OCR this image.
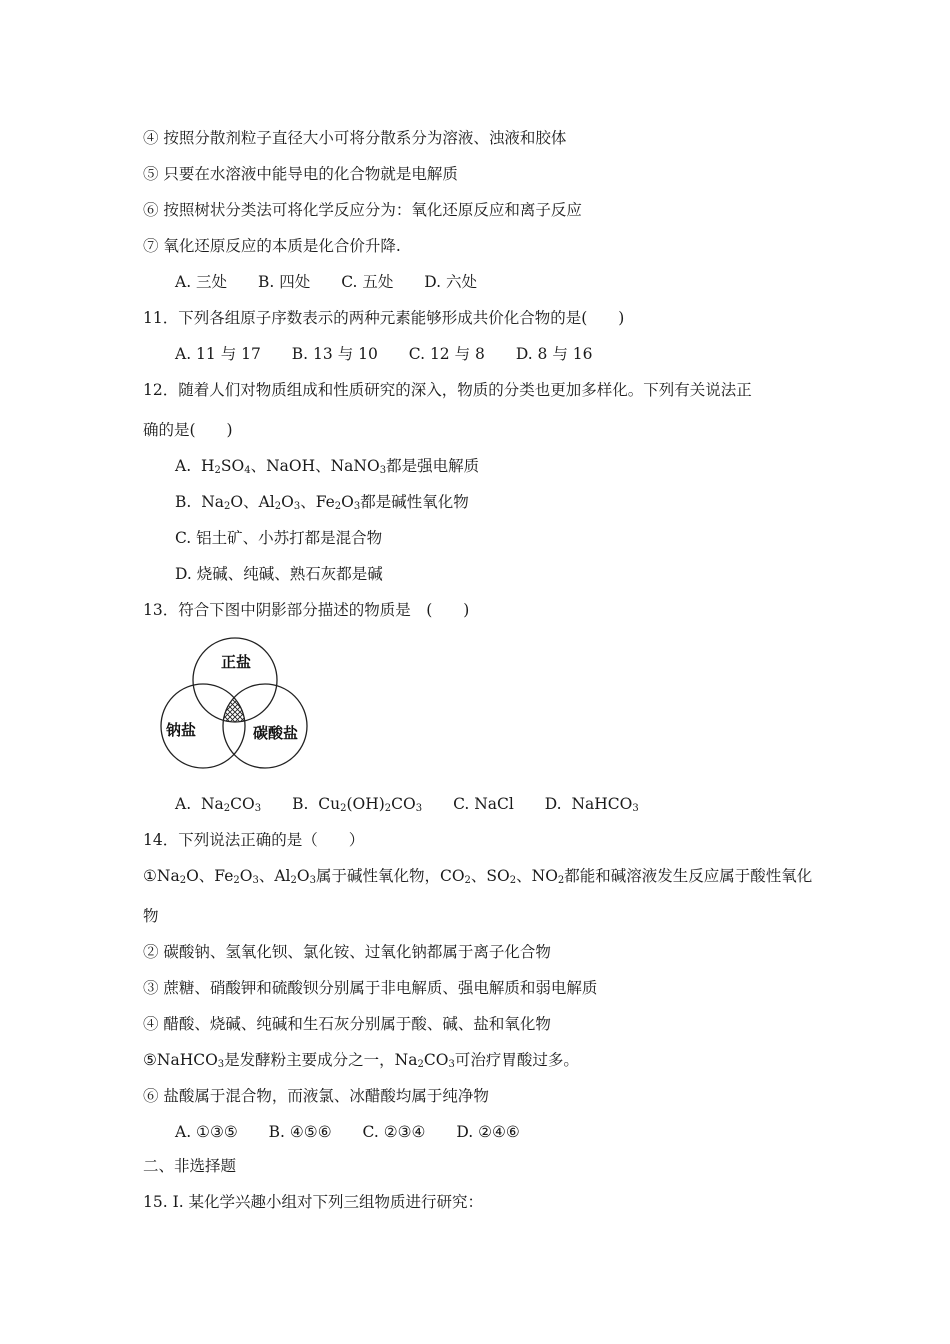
④ 按照分散剂粒子直径大小可将分散系分为溶液、浊液和胶体
⑤ 只要在水溶液中能导电的化合物就是电解质
⑥ 按照树状分类法可将化学反应分为：氧化还原反应和离子反应
⑦ 氧化还原反应的本质是化合价升降.
A. 三处 B. 四处 C. 五处 D. 六处
11．下列各组原子序数表示的两种元素能够形成共价化合物的是(　　)
A. 11 与 17 B. 13 与 10 C. 12 与 8 D. 8 与 16
12．随着人们对物质组成和性质研究的深入，物质的分类也更加多样化。下列有关说法正
确的是(　　)
A. $H_2SO_4$、NaOH、NaNO$_3$都是强电解质
B. $Na_2O$、$Al_2O_3$、$Fe_2O_3$都是碱性氧化物
C. 铝土矿、小苏打都是混合物
D. 烧碱、纯碱、熟石灰都是碱
13．符合下图中阴影部分描述的物质是　(　　)
正盐
钠盐	碳酸盐
A. $Na_2CO_3$ B. $Cu_2(OH)_2CO_3$ C. NaCl D. NaHCO$_3$
14．下列说法正确的是（　　）
$①Na_2O$、$Fe_2O_3$、$Al_2O_3$属于碱性氧化物，$CO_2$、$SO_2$、$NO_2$都能和碱溶液发生反应属于酸性氧化
物
② 碳酸钠、氢氧化钡、氯化铵、过氧化钠都属于离子化合物
③ 蔗糖、硝酸钾和硫酸钡分别属于非电解质、强电解质和弱电解质
④ 醋酸、烧碱、纯碱和生石灰分别属于酸、碱、盐和氧化物
⑤NaHCO$_3$是发酵粉主要成分之一，$Na_2CO_3$可治疗胃酸过多。
⑥ 盐酸属于混合物，而液氯、冰醋酸均属于纯净物
A. ①③⑤ B. ④⑤⑥ C. ②③④ D. ②④⑥
二、非选择题
15. I. 某化学兴趣小组对下列三组物质进行研究：
